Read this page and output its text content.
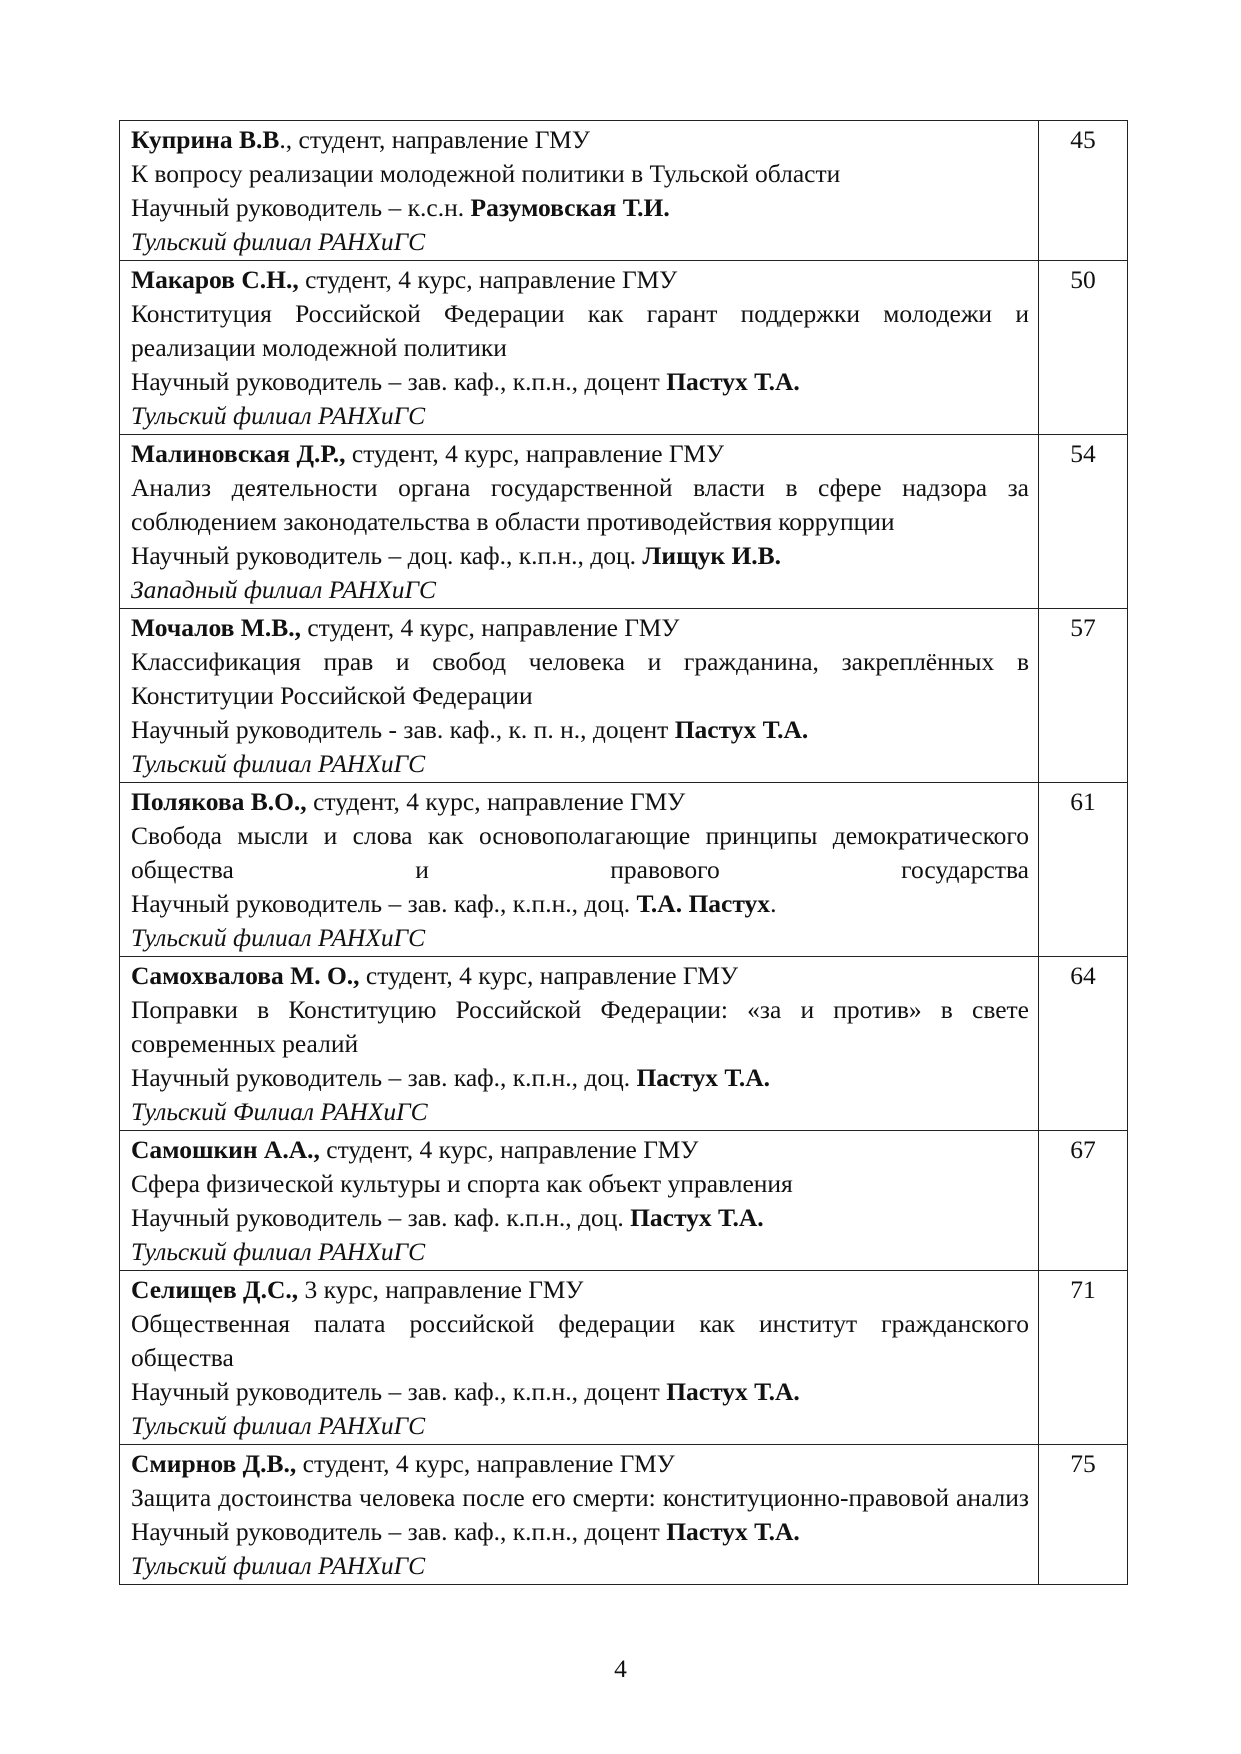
Куприна В.В., студент, направление ГМУ
К вопросу реализации молодежной политики в Тульской области
Научный руководитель – к.с.н. Разумовская Т.И.
Тульский филиал РАНХиГС	45

Макаров С.Н., студент, 4 курс, направление ГМУ
Конституция Российской Федерации как гарант поддержки молодежи и реализации молодежной политики
Научный руководитель – зав. каф., к.п.н., доцент Пастух Т.А.
Тульский филиал РАНХиГС	50

Малиновская Д.Р., студент, 4 курс, направление ГМУ
Анализ деятельности органа государственной власти в сфере надзора за соблюдением законодательства в области противодействия коррупции
Научный руководитель – доц. каф., к.п.н., доц. Лищук И.В.
Западный филиал РАНХиГС	54

Мочалов М.В., студент, 4 курс, направление ГМУ
Классификация прав и свобод человека и гражданина, закреплённых в Конституции Российской Федерации
Научный руководитель - зав. каф., к. п. н., доцент Пастух Т.А.
Тульский филиал РАНХиГС	57

Полякова В.О., студент, 4 курс, направление ГМУ
Свобода мысли и слова как основополагающие принципы демократического общества и правового государства
Научный руководитель – зав. каф., к.п.н., доц. Т.А. Пастух.
Тульский филиал РАНХиГС	61

Самохвалова М. О., студент, 4 курс, направление ГМУ
Поправки в Конституцию Российской Федерации: «за и против» в свете современных реалий
Научный руководитель – зав. каф., к.п.н., доц. Пастух Т.А.
Тульский Филиал РАНХиГС	64

Самошкин А.А., студент, 4 курс, направление ГМУ
Сфера физической культуры и спорта как объект управления
Научный руководитель – зав. каф. к.п.н., доц. Пастух Т.А.
Тульский филиал РАНХиГС	67

Селищев Д.С., 3 курс, направление ГМУ
Общественная палата российской федерации как институт гражданского общества
Научный руководитель – зав. каф., к.п.н., доцент Пастух Т.А.
Тульский филиал РАНХиГС	71

Смирнов Д.В., студент, 4 курс, направление ГМУ
Защита достоинства человека после его смерти: конституционно-правовой анализ
Научный руководитель – зав. каф., к.п.н., доцент Пастух Т.А.
Тульский филиал РАНХиГС	75
4
